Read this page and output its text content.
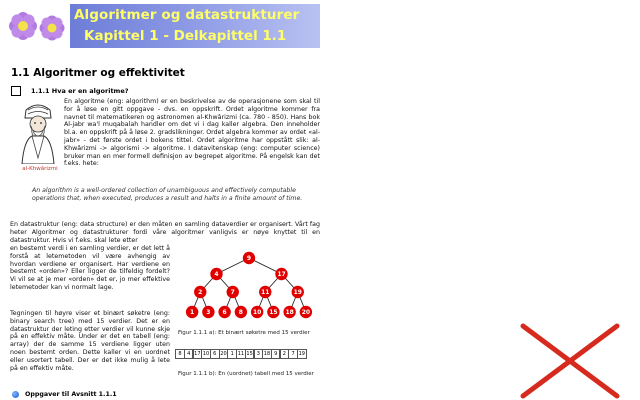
Algoritmer og datastrukturer
Kapittel 1 - Delkapittel 1.1
1.1 Algoritmer og effektivitet
1.1.1 Hva er en algoritme?
al-Khwârizmi
En algoritme (eng: algorithm) er en beskrivelse av de operasjonene som skal til for å løse en gitt oppgave - dvs. en oppskrift. Ordet algoritme kommer fra navnet til matematikeren og astronomen al-Khwârizmi (ca. 780 - 850). Hans bok Al-jabr wa'l muqabalah handler om det vi i dag kaller algebra. Den inneholder bl.a. en oppskrift på å løse 2. gradslikninger. Ordet algebra kommer av ordet «al-jabr» - det første ordet i bokens tittel. Ordet algoritme har oppstått slik: al-Khwârizmi -> algorismi -> algoritme. I datavitenskap (eng: computer science) bruker man en mer formell definisjon av begrepet algoritme. På engelsk kan det f.eks. hete:
An algorithm is a well-ordered collection of unambiguous and effectively computable operations that, when executed, produces a result and halts in a finite amount of time.
En datastruktur (eng: data structure) er den måten en samling dataverdier er organisert. Vårt fag heter Algoritmer og datastrukturer fordi våre algoritmer vanligvis er nøye knyttet til en datastruktur. Hvis vi f.eks. skal lete etter
en bestemt verdi i en samling verdier, er det lett å forstå at letemetoden vil være avhengig av hvordan verdiene er organisert. Har verdiene en bestemt «orden»? Eller ligger de tilfeldig fordelt? Vi vil se at je mer «orden» det er, jo mer effektive letemetoder kan vi normalt lage.
Tegningen til høyre viser et binært søketre (eng: binary search tree) med 15 verdier. Det er en datastruktur der leting etter verdier vil kunne skje på en effektiv måte. Under er det en tabell (eng: array) der de samme 15 verdiene ligger uten noen bestemt orden. Dette kaller vi en uordnet eller usortert tabell. Der er det ikke mulig å lete på en effektiv måte.
9
4	17
2	7	11	19
1 3 6 8 10 15 18 20
Figur 1.1.1 a): Et binært søketre med 15 verdier
8	4 17 10 6 20 1 11 15 3 18 9	2	7 19
Figur 1.1.1 b): En (uordnet) tabell med 15 verdier
Oppgaver til Avsnitt 1.1.1
